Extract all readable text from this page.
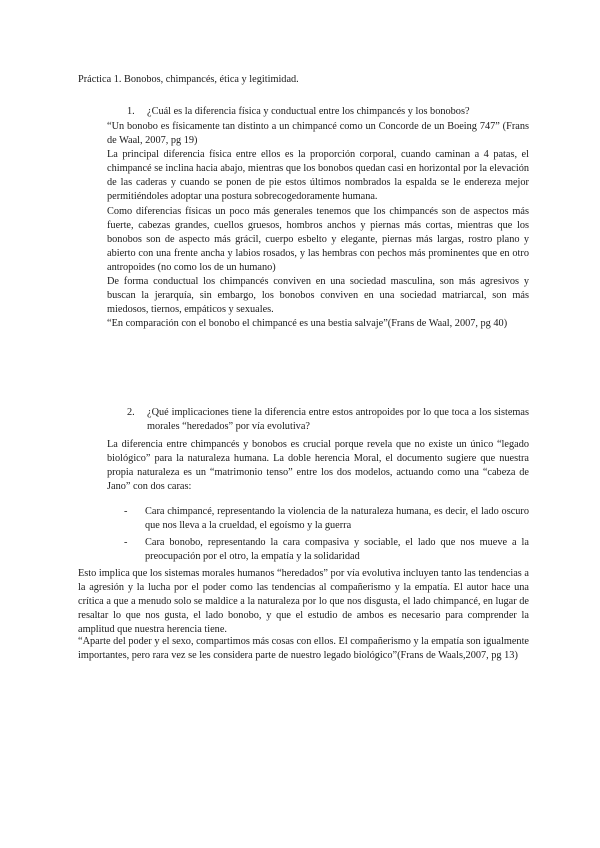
Práctica 1. Bonobos, chimpancés, ética y legitimidad.
1.	¿Cuál es la diferencia física y conductual entre los chimpancés y los bonobos?

“Un bonobo es físicamente tan distinto a un chimpancé como un Concorde de un Boeing 747” (Frans de Waal, 2007, pg 19)

La principal diferencia física entre ellos es la proporción corporal, cuando caminan a 4 patas, el chimpancé se inclina hacia abajo, mientras que los bonobos quedan casi en horizontal por la elevación de las caderas y cuando se ponen de pie estos últimos nombrados la espalda se le endereza mejor permitiéndoles adoptar una postura sobrecogedoramente humana.

Como diferencias físicas un poco más generales tenemos que los chimpancés son de aspectos más fuerte, cabezas grandes, cuellos gruesos, hombros anchos y piernas más cortas, mientras que los bonobos son de aspecto más grácil, cuerpo esbelto y elegante, piernas más largas, rostro plano y abierto con una frente ancha y labios rosados, y las hembras con pechos más prominentes que en otro antropoides (no como los de un humano)

De forma conductual los chimpancés conviven en una sociedad masculina, son más agresivos y buscan la jerarquía, sin embargo, los bonobos conviven en una sociedad matriarcal, son más miedosos, tiernos, empáticos y sexuales.

“En comparación con el bonobo el chimpancé es una bestia salvaje”(Frans de Waal, 2007, pg 40)

2.	¿Qué implicaciones tiene la diferencia entre estos antropoides por lo que toca a los sistemas morales “heredados” por vía evolutiva?
La diferencia entre chimpancés y bonobos es crucial porque revela que no existe un único “legado biológico” para la naturaleza humana. La doble herencia Moral, el documento sugiere que nuestra propia naturaleza es un “matrimonio tenso” entre los dos modelos, actuando como una “cabeza de Jano” con dos caras:
-	Cara chimpancé, representando la violencia de la naturaleza humana, es decir, el lado oscuro que nos lleva a la crueldad, el egoísmo y la guerra
-	Cara bonobo, representando la cara compasiva y sociable, el lado que nos mueve a la preocupación por el otro, la empatía y la solidaridad
Esto implica que los sistemas morales humanos “heredados” por vía evolutiva incluyen tanto las tendencias a la agresión y la lucha por el poder como las tendencias al compañerismo y la empatía. El autor hace una crítica a que a menudo solo se maldice a la naturaleza por lo que nos disgusta, el lado chimpancé, en lugar de resaltar lo que nos gusta, el lado bonobo, y que el estudio de ambos es necesario para comprender la amplitud que nuestra herencia tiene.
“Aparte del poder y el sexo, compartimos más cosas con ellos. El compañerismo y la empatía son igualmente importantes, pero rara vez se les considera parte de nuestro legado biológico”(Frans de Waals,2007, pg 13)
